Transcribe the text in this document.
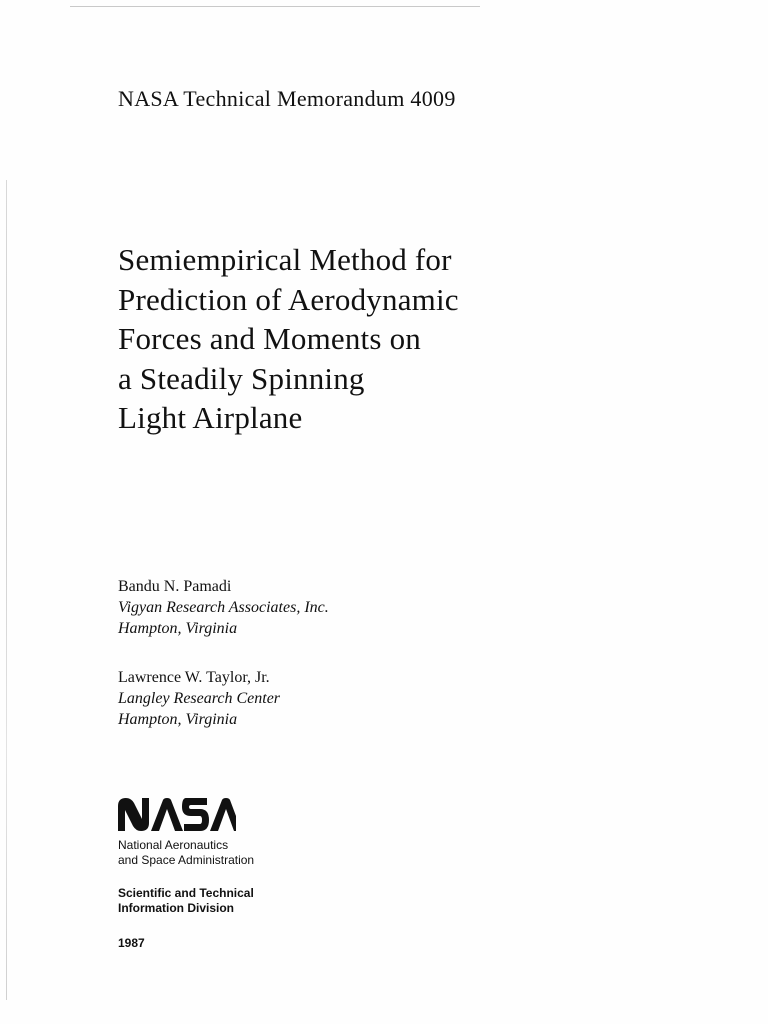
NASA Technical Memorandum 4009
Semiempirical Method for
Prediction of Aerodynamic
Forces and Moments on
a Steadily Spinning
Light Airplane
Bandu N. Pamadi
Vigyan Research Associates, Inc.
Hampton, Virginia
Lawrence W. Taylor, Jr.
Langley Research Center
Hampton, Virginia
National Aeronautics
and Space Administration
Scientific and Technical
Information Division
1987
